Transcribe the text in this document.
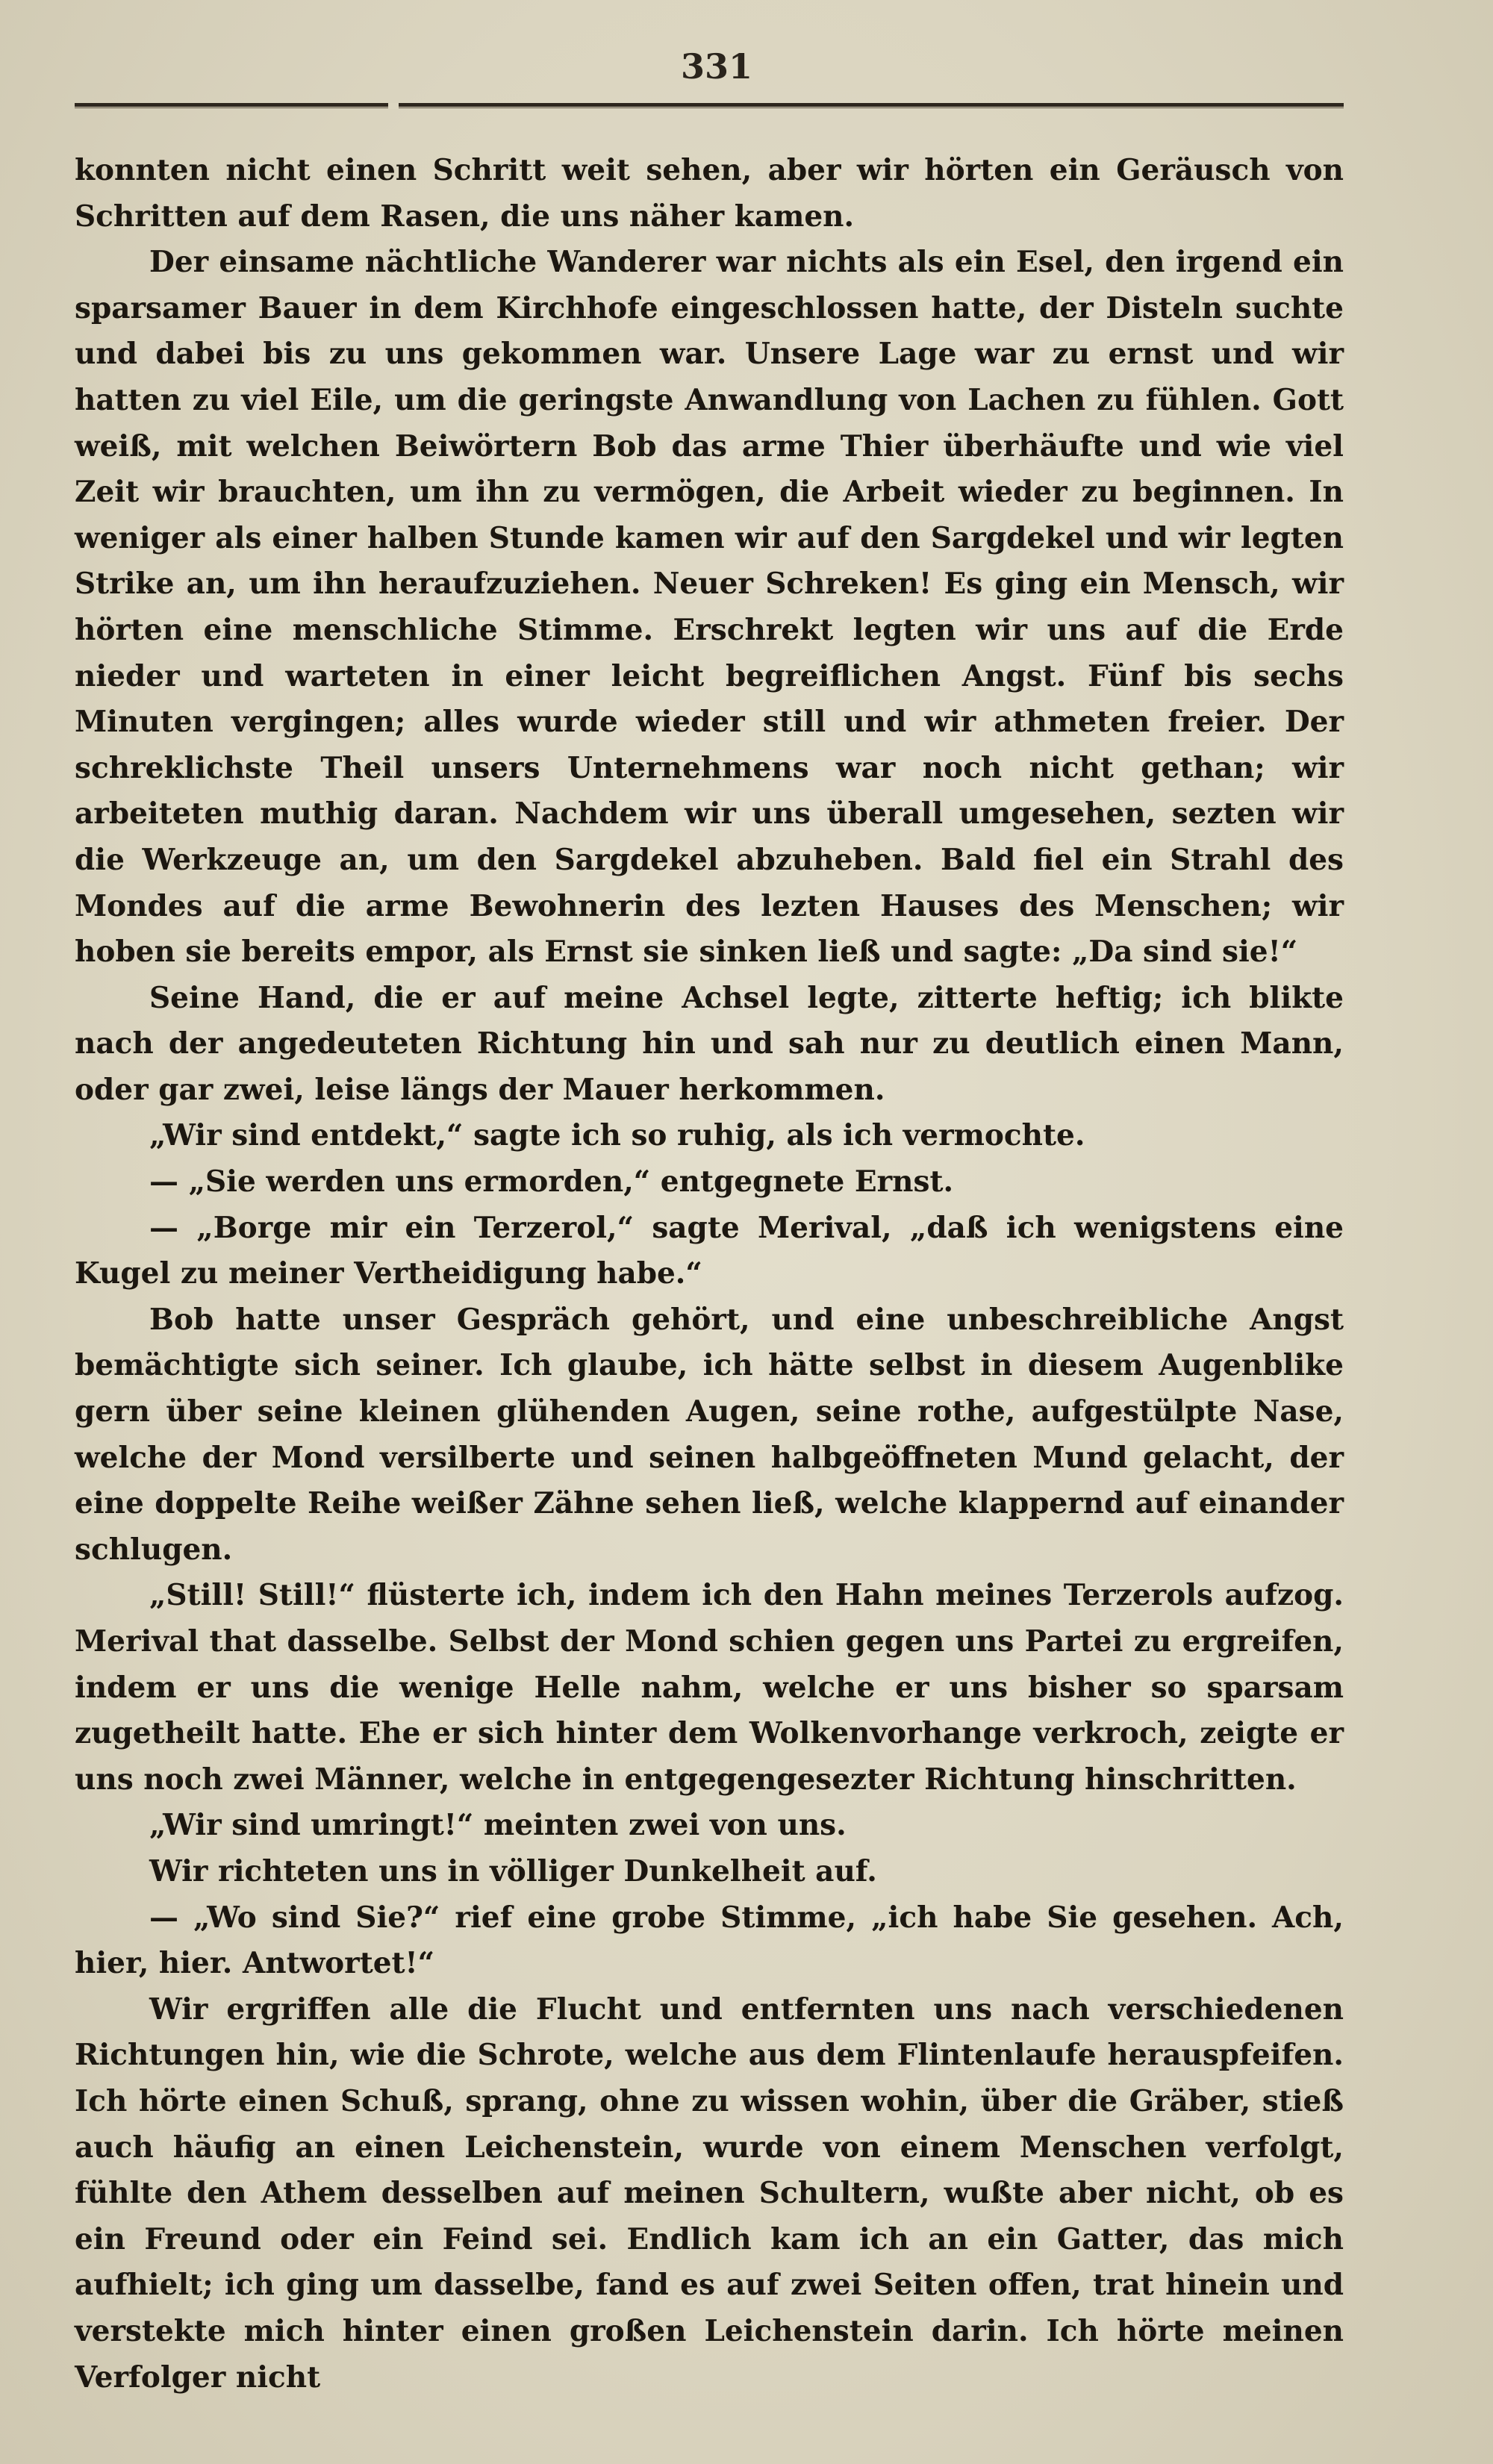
331

konnten nicht einen Schritt weit sehen, aber wir hörten ein Geräusch von Schritten auf dem Rasen, die uns näher kamen.

Der einsame nächtliche Wanderer war nichts als ein Esel, den irgend ein sparsamer Bauer in dem Kirchhofe eingeschlossen hatte, der Disteln suchte und dabei bis zu uns gekommen war. Unsere Lage war zu ernst und wir hatten zu viel Eile, um die geringste Anwandlung von Lachen zu fühlen. Gott weiß, mit welchen Beiwörtern Bob das arme Thier überhäufte und wie viel Zeit wir brauchten, um ihn zu vermögen, die Arbeit wieder zu beginnen. In weniger als einer halben Stunde kamen wir auf den Sargdekel und wir legten Strike an, um ihn heraufzuziehen. Neuer Schreken! Es ging ein Mensch, wir hörten eine menschliche Stimme. Erschrekt legten wir uns auf die Erde nieder und warteten in einer leicht begreiflichen Angst. Fünf bis sechs Minuten vergingen; alles wurde wieder still und wir athmeten freier. Der schreklichste Theil unsers Unternehmens war noch nicht gethan; wir arbeiteten muthig daran. Nachdem wir uns überall umgesehen, sezten wir die Werkzeuge an, um den Sargdekel abzuheben. Bald fiel ein Strahl des Mondes auf die arme Bewohnerin des lezten Hauses des Menschen; wir hoben sie bereits empor, als Ernst sie sinken ließ und sagte: „Da sind sie!“

Seine Hand, die er auf meine Achsel legte, zitterte heftig; ich blikte nach der angedeuteten Richtung hin und sah nur zu deutlich einen Mann, oder gar zwei, leise längs der Mauer herkommen.

„Wir sind entdekt,“ sagte ich so ruhig, als ich vermochte.

— „Sie werden uns ermorden,“ entgegnete Ernst.

— „Borge mir ein Terzerol,“ sagte Merival, „daß ich wenigstens eine Kugel zu meiner Vertheidigung habe.“

Bob hatte unser Gespräch gehört, und eine unbeschreibliche Angst bemächtigte sich seiner. Ich glaube, ich hätte selbst in diesem Augenblike gern über seine kleinen glühenden Augen, seine rothe, aufgestülpte Nase, welche der Mond versilberte und seinen halbgeöffneten Mund gelacht, der eine doppelte Reihe weißer Zähne sehen ließ, welche klappernd auf einander schlugen.

„Still! Still!“ flüsterte ich, indem ich den Hahn meines Terzerols aufzog. Merival that dasselbe. Selbst der Mond schien gegen uns Partei zu ergreifen, indem er uns die wenige Helle nahm, welche er uns bisher so sparsam zugetheilt hatte. Ehe er sich hinter dem Wolkenvorhange verkroch, zeigte er uns noch zwei Männer, welche in entgegengesezter Richtung hinschritten.

„Wir sind umringt!“ meinten zwei von uns.

Wir richteten uns in völliger Dunkelheit auf.

— „Wo sind Sie?“ rief eine grobe Stimme, „ich habe Sie gesehen. Ach, hier, hier. Antwortet!“

Wir ergriffen alle die Flucht und entfernten uns nach verschiedenen Richtungen hin, wie die Schrote, welche aus dem Flintenlaufe herauspfeifen. Ich hörte einen Schuß, sprang, ohne zu wissen wohin, über die Gräber, stieß auch häufig an einen Leichenstein, wurde von einem Menschen verfolgt, fühlte den Athem desselben auf meinen Schultern, wußte aber nicht, ob es ein Freund oder ein Feind sei. Endlich kam ich an ein Gatter, das mich aufhielt; ich ging um dasselbe, fand es auf zwei Seiten offen, trat hinein und verstekte mich hinter einen großen Leichenstein darin. Ich hörte meinen Verfolger nicht
